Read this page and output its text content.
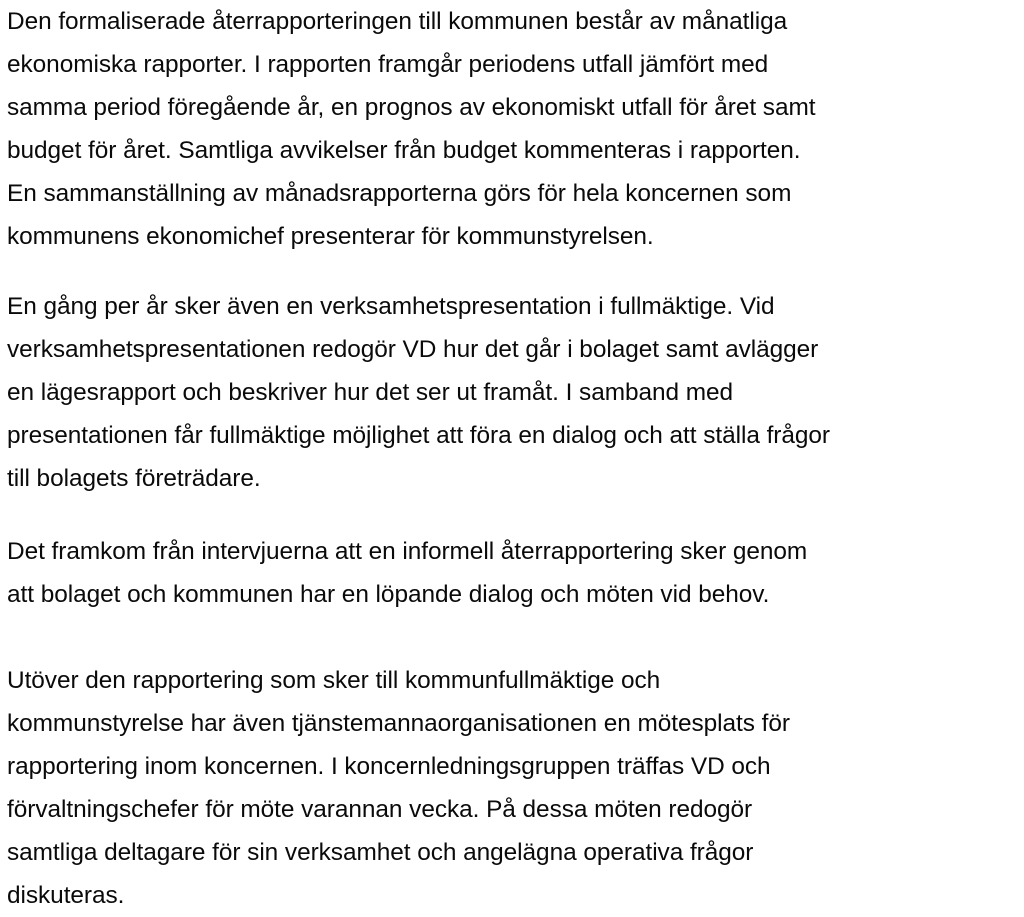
Den formaliserade återrapporteringen till kommunen består av månatliga
ekonomiska rapporter. I rapporten framgår periodens utfall jämfört med
samma period föregående år, en prognos av ekonomiskt utfall för året samt
budget för året. Samtliga avvikelser från budget kommenteras i rapporten.
En sammanställning av månadsrapporterna görs för hela koncernen som
kommunens ekonomichef presenterar för kommunstyrelsen.

En gång per år sker även en verksamhetspresentation i fullmäktige. Vid
verksamhetspresentationen redogör VD hur det går i bolaget samt avlägger
en lägesrapport och beskriver hur det ser ut framåt. I samband med
presentationen får fullmäktige möjlighet att föra en dialog och att ställa frågor
till bolagets företrädare.

Det framkom från intervjuerna att en informell återrapportering sker genom
att bolaget och kommunen har en löpande dialog och möten vid behov.

Utöver den rapportering som sker till kommunfullmäktige och
kommunstyrelse har även tjänstemannaorganisationen en mötesplats för
rapportering inom koncernen. I koncernledningsgruppen träffas VD och
förvaltningschefer för möte varannan vecka. På dessa möten redogör
samtliga deltagare för sin verksamhet och angelägna operativa frågor
diskuteras.
